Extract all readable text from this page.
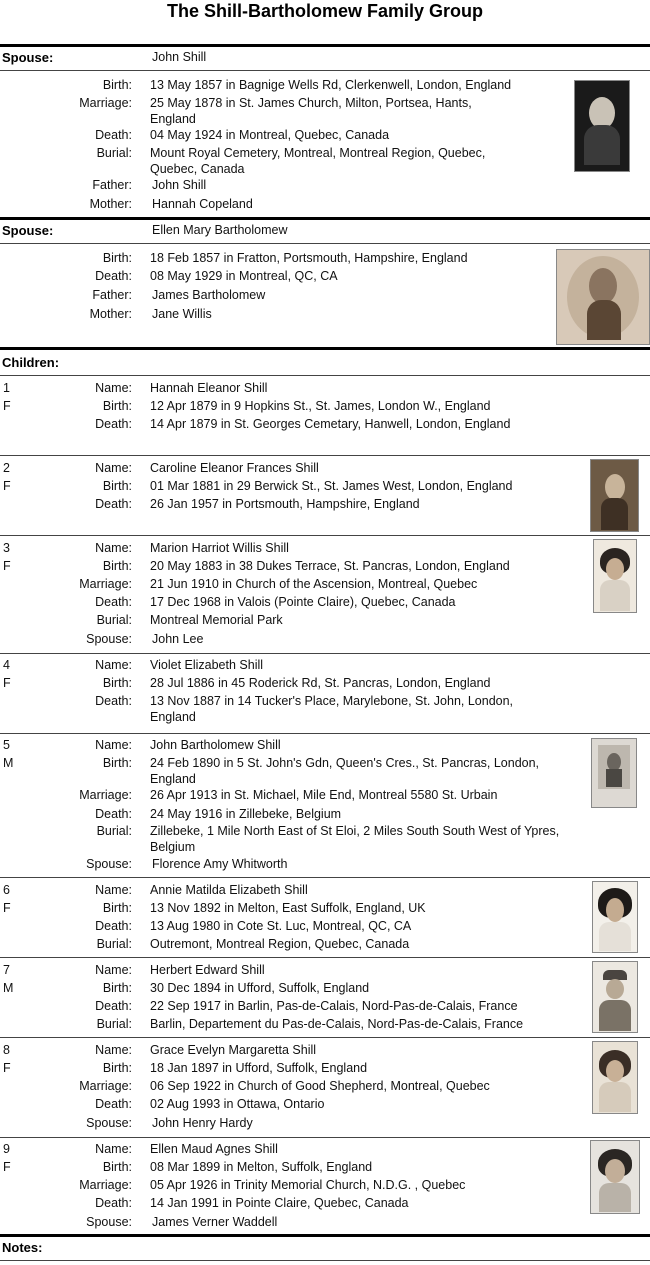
The Shill-Bartholomew Family Group
Spouse:	John Shill
Birth: 13 May 1857 in Bagnige Wells Rd, Clerkenwell, London, England
Marriage: 25 May 1878 in St. James Church, Milton, Portsea, Hants, England
Death: 04 May 1924 in Montreal, Quebec, Canada
Burial: Mount Royal Cemetery, Montreal, Montreal Region, Quebec, Quebec, Canada
Father: John Shill
Mother: Hannah Copeland
Spouse:	Ellen Mary Bartholomew
Birth: 18 Feb 1857 in Fratton, Portsmouth, Hampshire, England
Death: 08 May 1929 in Montreal, QC, CA
Father: James Bartholomew
Mother: Jane Willis
Children:
1	Name: Hannah Eleanor Shill
F	Birth: 12 Apr 1879 in 9 Hopkins St., St. James, London W., England
Death: 14 Apr 1879 in St. Georges Cemetary, Hanwell, London, England
2	Name: Caroline Eleanor Frances Shill
F	Birth: 01 Mar 1881 in 29 Berwick St., St. James West, London, England
Death: 26 Jan 1957 in Portsmouth, Hampshire, England
3	Name: Marion Harriot Willis Shill
F	Birth: 20 May 1883 in 38 Dukes Terrace, St. Pancras, London, England
Marriage: 21 Jun 1910 in Church of the Ascension, Montreal, Quebec
Death: 17 Dec 1968 in Valois (Pointe Claire), Quebec, Canada
Burial: Montreal Memorial Park
Spouse: John Lee
4	Name: Violet Elizabeth Shill
F	Birth: 28 Jul 1886 in 45 Roderick Rd, St. Pancras, London, England
Death: 13 Nov 1887 in 14 Tucker's Place, Marylebone, St. John, London, England
5	Name: John Bartholomew Shill
M	Birth: 24 Feb 1890 in 5 St. John's Gdn, Queen's Cres., St. Pancras, London, England
Marriage: 26 Apr 1913 in St. Michael, Mile End, Montreal 5580 St. Urbain
Death: 24 May 1916 in Zillebeke, Belgium
Burial: Zillebeke, 1 Mile North East of St Eloi, 2 Miles South South West of Ypres, Belgium
Spouse: Florence Amy Whitworth
6	Name: Annie Matilda Elizabeth Shill
F	Birth: 13 Nov 1892 in Melton, East Suffolk, England, UK
Death: 13 Aug 1980 in Cote St. Luc, Montreal, QC, CA
Burial: Outremont, Montreal Region, Quebec, Canada
7	Name: Herbert Edward Shill
M	Birth: 30 Dec 1894 in Ufford, Suffolk, England
Death: 22 Sep 1917 in Barlin, Pas-de-Calais, Nord-Pas-de-Calais, France
Burial: Barlin, Departement du Pas-de-Calais, Nord-Pas-de-Calais, France
8	Name: Grace Evelyn Margaretta Shill
F	Birth: 18 Jan 1897 in Ufford, Suffolk, England
Marriage: 06 Sep 1922 in Church of Good Shepherd, Montreal, Quebec
Death: 02 Aug 1993 in Ottawa, Ontario
Spouse: John Henry Hardy
9	Name: Ellen Maud Agnes Shill
F	Birth: 08 Mar 1899 in Melton, Suffolk, England
Marriage: 05 Apr 1926 in Trinity Memorial Church, N.D.G. , Quebec
Death: 14 Jan 1991 in Pointe Claire, Quebec, Canada
Spouse: James Verner Waddell
Notes:
